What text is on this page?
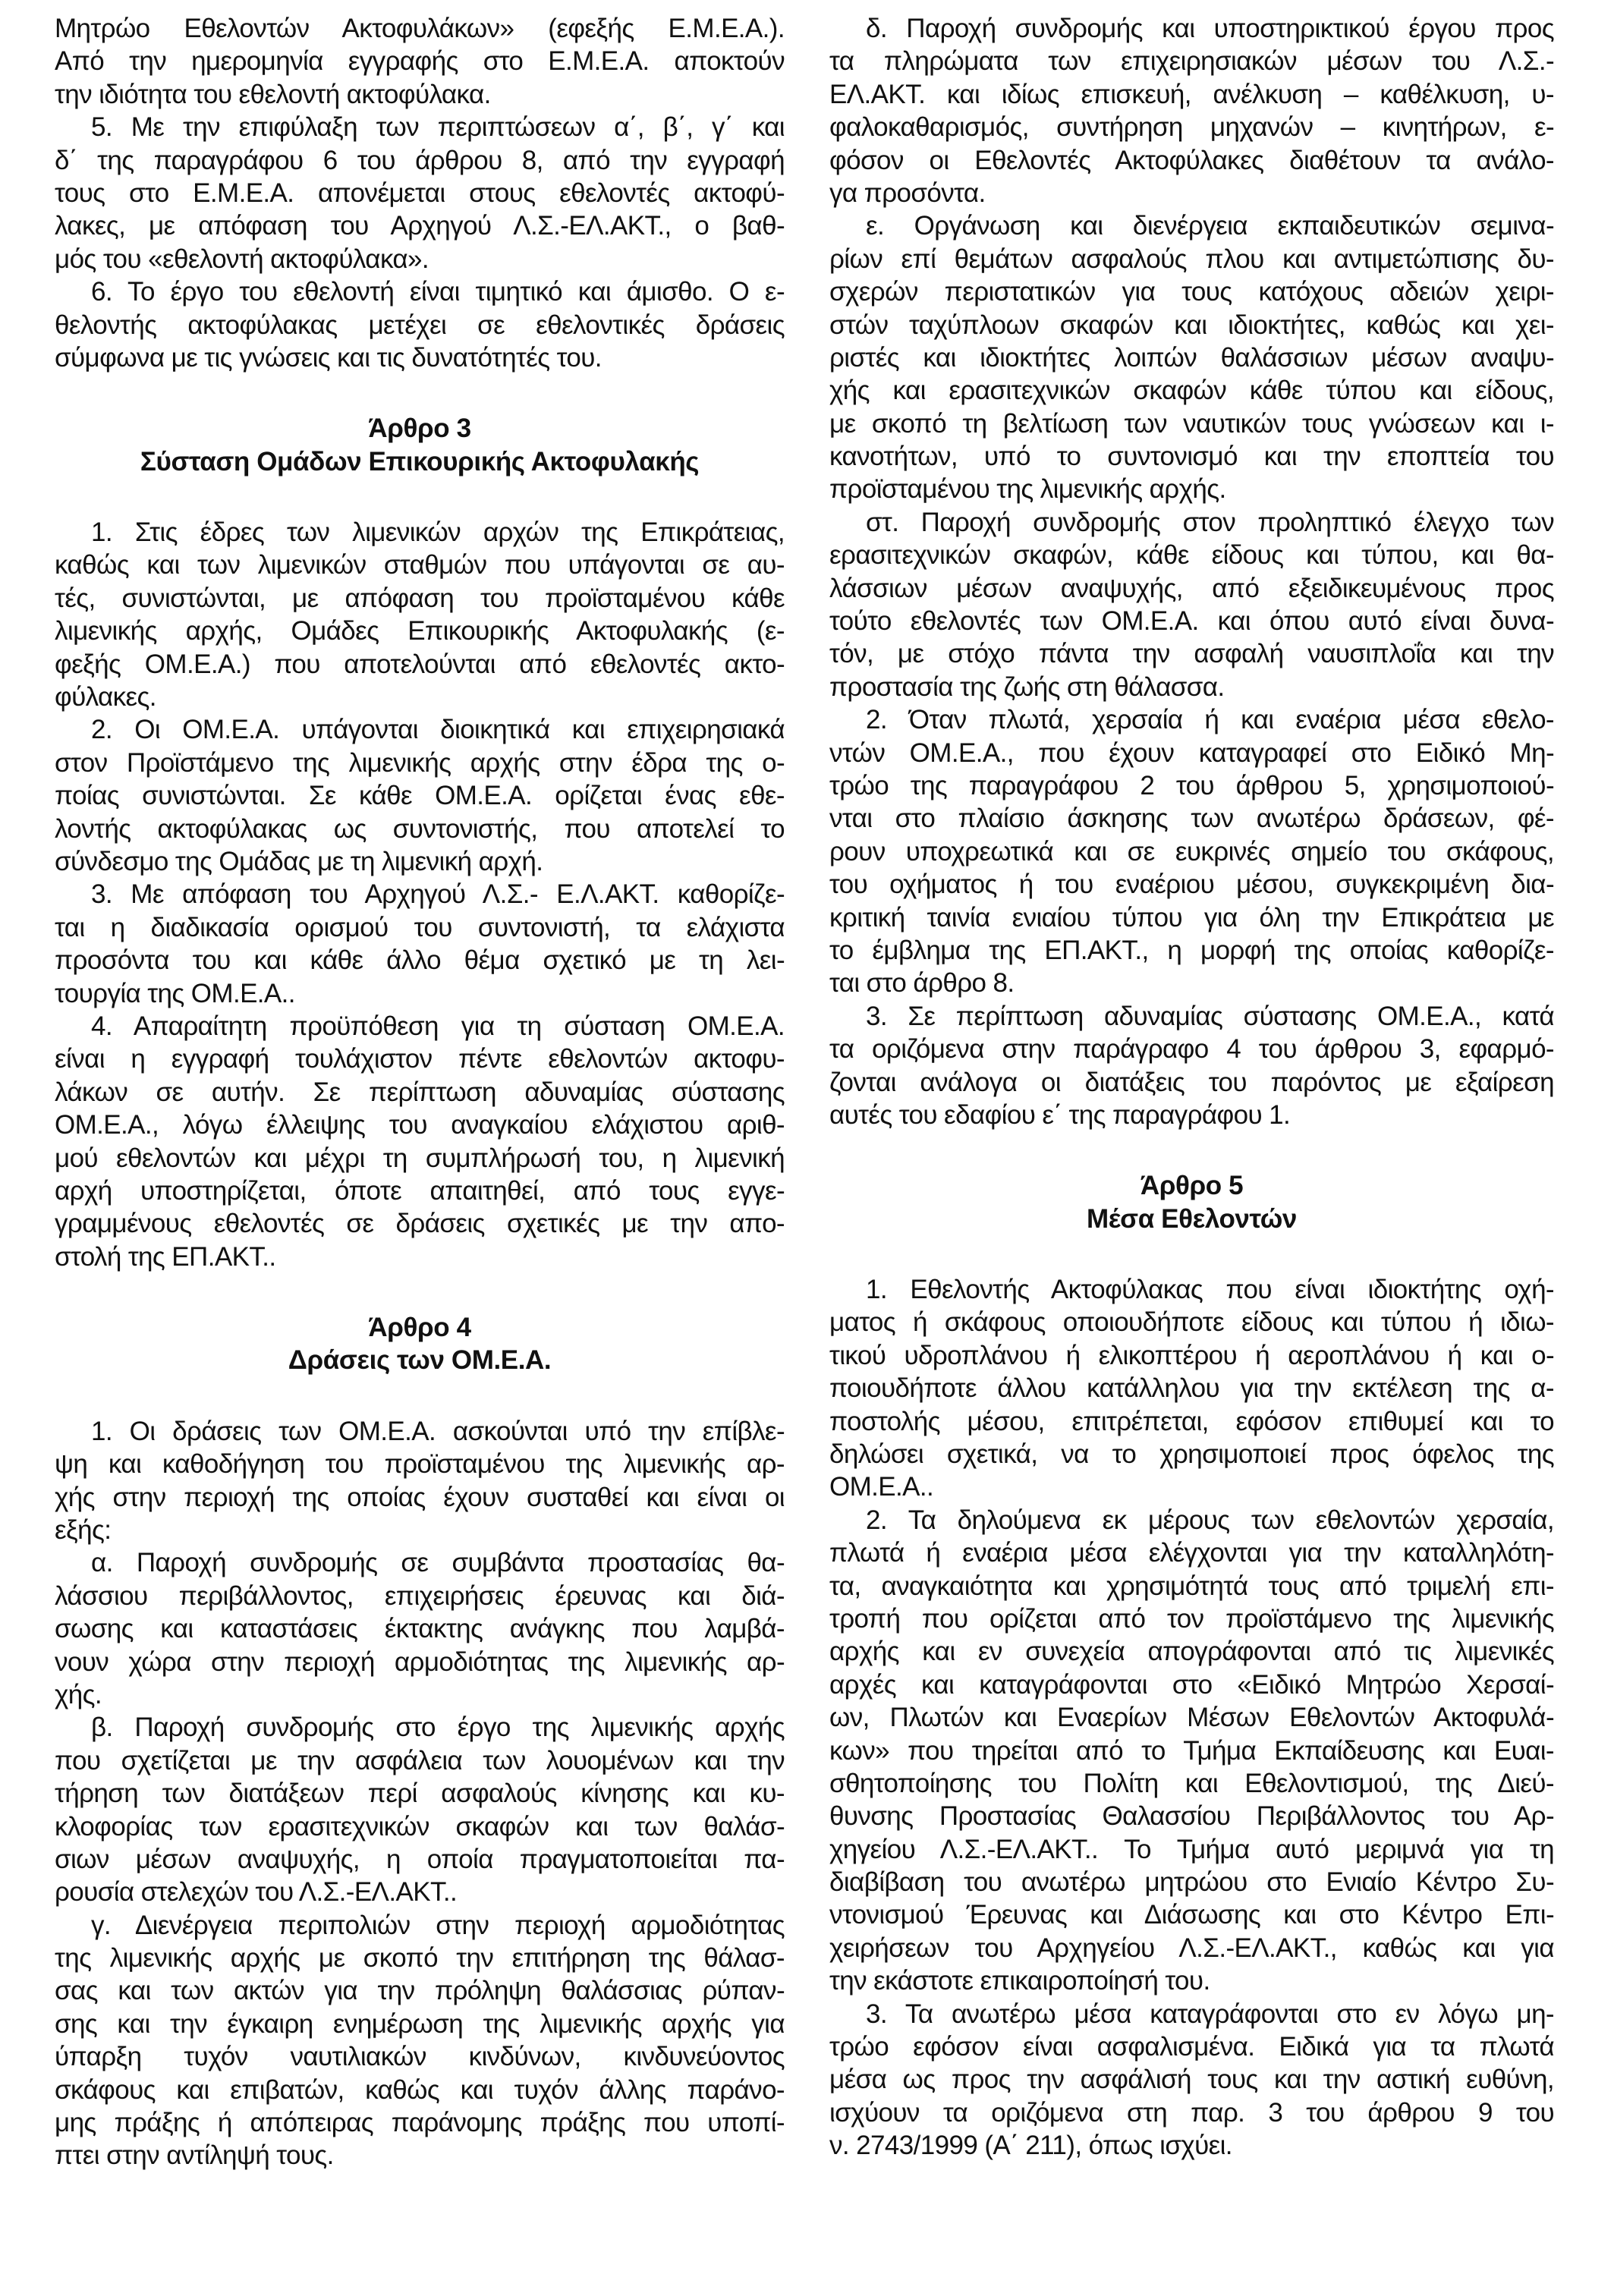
Μητρώο Εθελοντών Ακτοφυλάκων» (εφεξής Ε.Μ.Ε.Α.).
Από την ημερομηνία εγγραφής στο Ε.Μ.Ε.Α. αποκτούν
την ιδιότητα του εθελοντή ακτοφύλακα.
5. Με την επιφύλαξη των περιπτώσεων α΄, β΄, γ΄ και
δ΄ της παραγράφου 6 του άρθρου 8, από την εγγραφή
τους στο Ε.Μ.Ε.Α. απονέμεται στους εθελοντές ακτοφύ-
λακες, με απόφαση του Αρχηγού Λ.Σ.-ΕΛ.ΑΚΤ., ο βαθ-
μός του «εθελοντή ακτοφύλακα».
6. Το έργο του εθελοντή είναι τιμητικό και άμισθο. Ο ε-
θελοντής ακτοφύλακας μετέχει σε εθελοντικές δράσεις
σύμφωνα με τις γνώσεις και τις δυνατότητές του.
Άρθρο 3
Σύσταση Ομάδων Επικουρικής Ακτοφυλακής
1. Στις έδρες των λιμενικών αρχών της Επικράτειας,
καθώς και των λιμενικών σταθμών που υπάγονται σε αυ-
τές, συνιστώνται, με απόφαση του προϊσταμένου κάθε
λιμενικής αρχής, Ομάδες Επικουρικής Ακτοφυλακής (ε-
φεξής ΟΜ.Ε.Α.) που αποτελούνται από εθελοντές ακτο-
φύλακες.
2. Οι ΟΜ.Ε.Α. υπάγονται διοικητικά και επιχειρησιακά
στον Προϊστάμενο της λιμενικής αρχής στην έδρα της ο-
ποίας συνιστώνται. Σε κάθε ΟΜ.Ε.Α. ορίζεται ένας εθε-
λοντής ακτοφύλακας ως συντονιστής, που αποτελεί το
σύνδεσμο της Ομάδας με τη λιμενική αρχή.
3. Με απόφαση του Αρχηγού Λ.Σ.- Ε.Λ.ΑΚΤ. καθορίζε-
ται η διαδικασία ορισμού του συντονιστή, τα ελάχιστα
προσόντα του και κάθε άλλο θέμα σχετικό με τη λει-
τουργία της ΟΜ.Ε.Α..
4. Απαραίτητη προϋπόθεση για τη σύσταση ΟΜ.Ε.Α.
είναι η εγγραφή τουλάχιστον πέντε εθελοντών ακτοφυ-
λάκων σε αυτήν. Σε περίπτωση αδυναμίας σύστασης
ΟΜ.Ε.Α., λόγω έλλειψης του αναγκαίου ελάχιστου αριθ-
μού εθελοντών και μέχρι τη συμπλήρωσή του, η λιμενική
αρχή υποστηρίζεται, όποτε απαιτηθεί, από τους εγγε-
γραμμένους εθελοντές σε δράσεις σχετικές με την απο-
στολή της ΕΠ.ΑΚΤ..
Άρθρο 4
Δράσεις των ΟΜ.Ε.Α.
1. Οι δράσεις των ΟΜ.Ε.Α. ασκούνται υπό την επίβλε-
ψη και καθοδήγηση του προϊσταμένου της λιμενικής αρ-
χής στην περιοχή της οποίας έχουν συσταθεί και είναι οι
εξής:
α. Παροχή συνδρομής σε συμβάντα προστασίας θα-
λάσσιου περιβάλλοντος, επιχειρήσεις έρευνας και διά-
σωσης και καταστάσεις έκτακτης ανάγκης που λαμβά-
νουν χώρα στην περιοχή αρμοδιότητας της λιμενικής αρ-
χής.
β. Παροχή συνδρομής στο έργο της λιμενικής αρχής
που σχετίζεται με την ασφάλεια των λουομένων και την
τήρηση των διατάξεων περί ασφαλούς κίνησης και κυ-
κλοφορίας των ερασιτεχνικών σκαφών και των θαλάσ-
σιων μέσων αναψυχής, η οποία πραγματοποιείται πα-
ρουσία στελεχών του Λ.Σ.-ΕΛ.ΑΚΤ..
γ. Διενέργεια περιπολιών στην περιοχή αρμοδιότητας
της λιμενικής αρχής με σκοπό την επιτήρηση της θάλασ-
σας και των ακτών για την πρόληψη θαλάσσιας ρύπαν-
σης και την έγκαιρη ενημέρωση της λιμενικής αρχής για
ύπαρξη τυχόν ναυτιλιακών κινδύνων, κινδυνεύοντος
σκάφους και επιβατών, καθώς και τυχόν άλλης παράνο-
μης πράξης ή απόπειρας παράνομης πράξης που υποπί-
πτει στην αντίληψή τους.
δ. Παροχή συνδρομής και υποστηρικτικού έργου προς
τα πληρώματα των επιχειρησιακών μέσων του Λ.Σ.-
ΕΛ.ΑΚΤ. και ιδίως επισκευή, ανέλκυση – καθέλκυση, υ-
φαλοκαθαρισμός, συντήρηση μηχανών – κινητήρων, ε-
φόσον οι Εθελοντές Ακτοφύλακες διαθέτουν τα ανάλο-
γα προσόντα.
ε. Οργάνωση και διενέργεια εκπαιδευτικών σεμινα-
ρίων επί θεμάτων ασφαλούς πλου και αντιμετώπισης δυ-
σχερών περιστατικών για τους κατόχους αδειών χειρι-
στών ταχύπλοων σκαφών και ιδιοκτήτες, καθώς και χει-
ριστές και ιδιοκτήτες λοιπών θαλάσσιων μέσων αναψυ-
χής και ερασιτεχνικών σκαφών κάθε τύπου και είδους,
με σκοπό τη βελτίωση των ναυτικών τους γνώσεων και ι-
κανοτήτων, υπό το συντονισμό και την εποπτεία του
προϊσταμένου της λιμενικής αρχής.
στ. Παροχή συνδρομής στον προληπτικό έλεγχο των
ερασιτεχνικών σκαφών, κάθε είδους και τύπου, και θα-
λάσσιων μέσων αναψυχής, από εξειδικευμένους προς
τούτο εθελοντές των ΟΜ.Ε.Α. και όπου αυτό είναι δυνα-
τόν, με στόχο πάντα την ασφαλή ναυσιπλοΐα και την
προστασία της ζωής στη θάλασσα.
2. Όταν πλωτά, χερσαία ή και εναέρια μέσα εθελο-
ντών ΟΜ.Ε.Α., που έχουν καταγραφεί στο Ειδικό Μη-
τρώο της παραγράφου 2 του άρθρου 5, χρησιμοποιού-
νται στο πλαίσιο άσκησης των ανωτέρω δράσεων, φέ-
ρουν υποχρεωτικά και σε ευκρινές σημείο του σκάφους,
του οχήματος ή του εναέριου μέσου, συγκεκριμένη δια-
κριτική ταινία ενιαίου τύπου για όλη την Επικράτεια με
το έμβλημα της ΕΠ.ΑΚΤ., η μορφή της οποίας καθορίζε-
ται στο άρθρο 8.
3. Σε περίπτωση αδυναμίας σύστασης ΟΜ.Ε.Α., κατά
τα οριζόμενα στην παράγραφο 4 του άρθρου 3, εφαρμό-
ζονται ανάλογα οι διατάξεις του παρόντος με εξαίρεση
αυτές του εδαφίου ε΄ της παραγράφου 1.
Άρθρο 5
Μέσα Εθελοντών
1. Εθελοντής Ακτοφύλακας που είναι ιδιοκτήτης οχή-
ματος ή σκάφους οποιουδήποτε είδους και τύπου ή ιδιω-
τικού υδροπλάνου ή ελικοπτέρου ή αεροπλάνου ή και ο-
ποιουδήποτε άλλου κατάλληλου για την εκτέλεση της α-
ποστολής μέσου, επιτρέπεται, εφόσον επιθυμεί και το
δηλώσει σχετικά, να το χρησιμοποιεί προς όφελος της
ΟΜ.Ε.Α..
2. Τα δηλούμενα εκ μέρους των εθελοντών χερσαία,
πλωτά ή εναέρια μέσα ελέγχονται για την καταλληλότη-
τα, αναγκαιότητα και χρησιμότητά τους από τριμελή επι-
τροπή που ορίζεται από τον προϊστάμενο της λιμενικής
αρχής και εν συνεχεία απογράφονται από τις λιμενικές
αρχές και καταγράφονται στο «Ειδικό Μητρώο Χερσαί-
ων, Πλωτών και Εναερίων Μέσων Εθελοντών Ακτοφυλά-
κων» που τηρείται από το Τμήμα Εκπαίδευσης και Ευαι-
σθητοποίησης του Πολίτη και Εθελοντισμού, της Διεύ-
θυνσης Προστασίας Θαλασσίου Περιβάλλοντος του Αρ-
χηγείου Λ.Σ.-ΕΛ.ΑΚΤ.. Το Τμήμα αυτό μεριμνά για τη
διαβίβαση του ανωτέρω μητρώου στο Ενιαίο Κέντρο Συ-
ντονισμού Έρευνας και Διάσωσης και στο Κέντρο Επι-
χειρήσεων του Αρχηγείου Λ.Σ.-ΕΛ.ΑΚΤ., καθώς και για
την εκάστοτε επικαιροποίησή του.
3. Τα ανωτέρω μέσα καταγράφονται στο εν λόγω μη-
τρώο εφόσον είναι ασφαλισμένα. Ειδικά για τα πλωτά
μέσα ως προς την ασφάλισή τους και την αστική ευθύνη,
ισχύουν τα οριζόμενα στη παρ. 3 του άρθρου 9 του
ν. 2743/1999 (Α΄ 211), όπως ισχύει.
